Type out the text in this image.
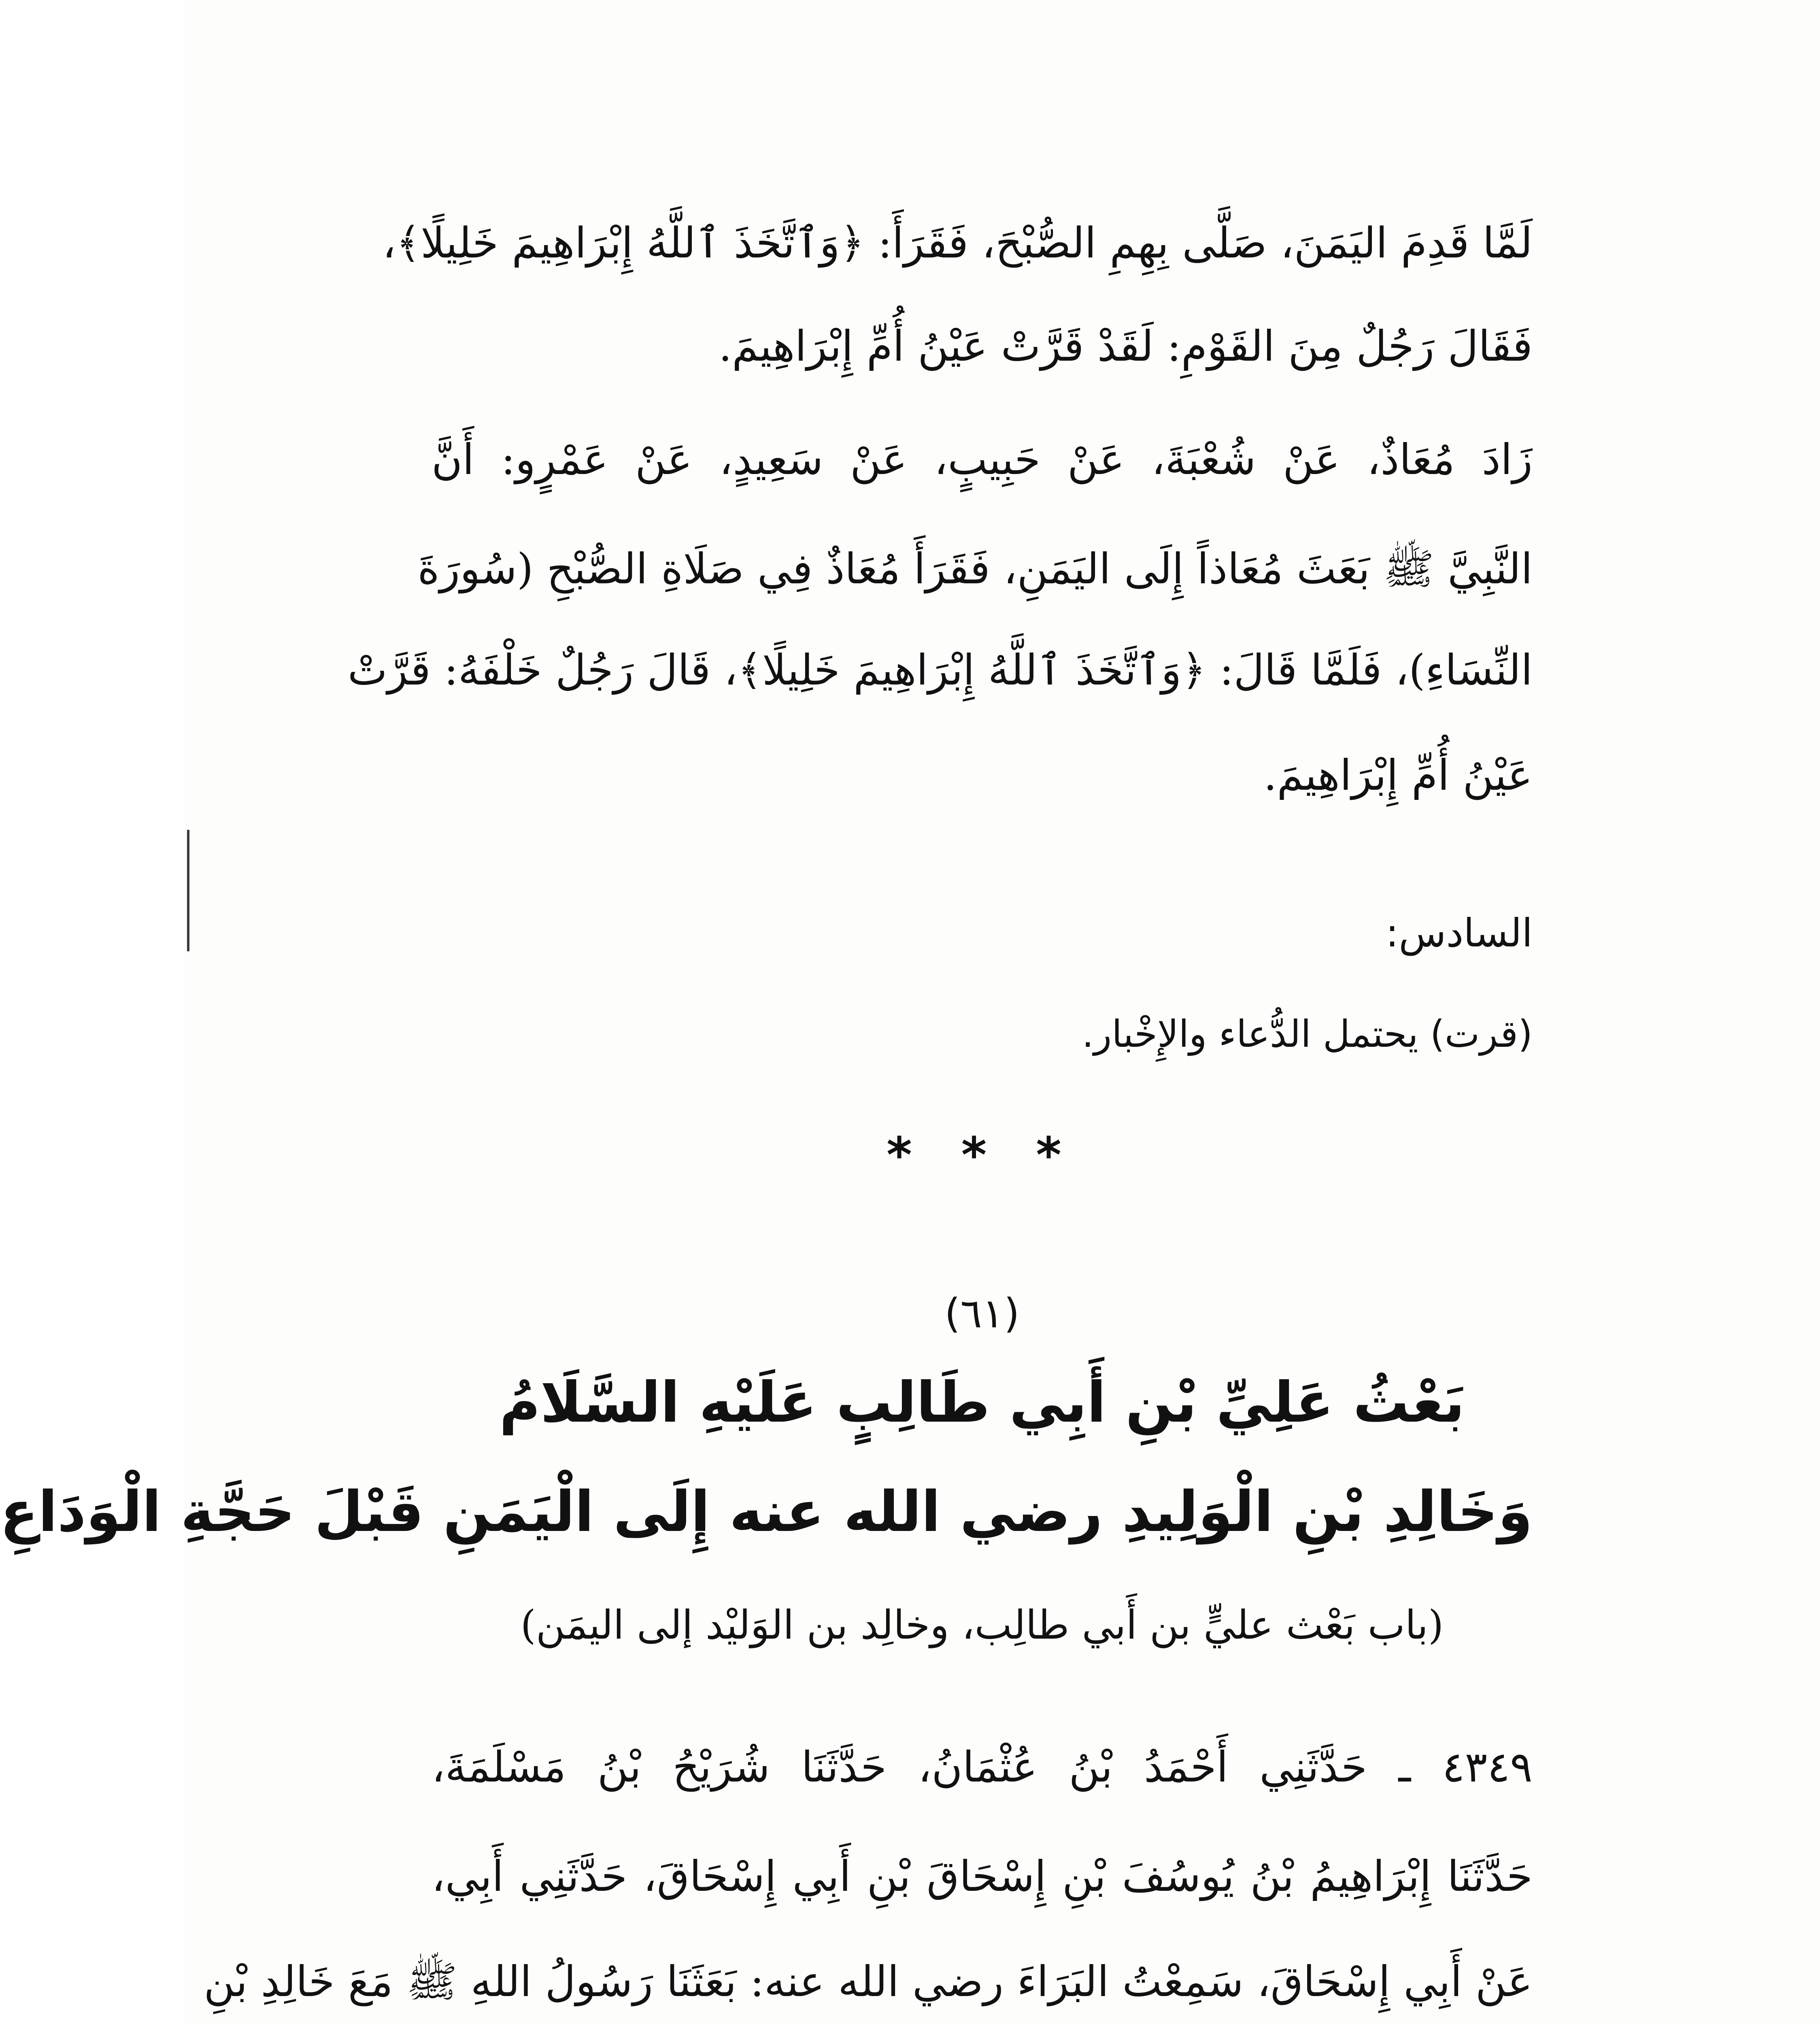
لَمَّا قَدِمَ اليَمَنَ، صَلَّى بِهِمِ الصُّبْحَ، فَقَرَأَ: ﴿وَٱتَّخَذَ ٱللَّهُ إِبْرَاهِيمَ خَلِيلًا﴾،
فَقَالَ رَجُلٌ مِنَ القَوْمِ: لَقَدْ قَرَّتْ عَيْنُ أُمِّ إِبْرَاهِيمَ.
زَادَ مُعَاذٌ، عَنْ شُعْبَةَ، عَنْ حَبِيبٍ، عَنْ سَعِيدٍ، عَنْ عَمْرٍو: أَنَّ
النَّبِيَّ ﷺ بَعَثَ مُعَاذاً إِلَى اليَمَنِ، فَقَرَأَ مُعَاذٌ فِي صَلَاةِ الصُّبْحِ (سُورَةَ
النِّسَاءِ)، فَلَمَّا قَالَ: ﴿وَٱتَّخَذَ ٱللَّهُ إِبْرَاهِيمَ خَلِيلًا﴾، قَالَ رَجُلٌ خَلْفَهُ: قَرَّتْ
عَيْنُ أُمِّ إِبْرَاهِيمَ.
السادس:
(قرت) يحتمل الدُّعاء والإِخْبار.
* * *
(٦١)
بَعْثُ عَلِيِّ بْنِ أَبِي طَالِبٍ عَلَيْهِ السَّلَامُ
وَخَالِدِ بْنِ الْوَلِيدِ رضي الله عنه إِلَى الْيَمَنِ قَبْلَ حَجَّةِ الْوَدَاعِ
(باب بَعْث عليٍّ بن أَبي طالِب، وخالِد بن الوَليْد إلى اليمَن)
٤٣٤٩ ـ حَدَّثَنِي أَحْمَدُ بْنُ عُثْمَانُ، حَدَّثَنَا شُرَيْحُ بْنُ مَسْلَمَةَ،
حَدَّثَنَا إِبْرَاهِيمُ بْنُ يُوسُفَ بْنِ إِسْحَاقَ بْنِ أَبِي إِسْحَاقَ، حَدَّثَنِي أَبِي،
عَنْ أَبِي إِسْحَاقَ، سَمِعْتُ البَرَاءَ رضي الله عنه: بَعَثَنَا رَسُولُ اللهِ ﷺ مَعَ خَالِدِ بْنِ
